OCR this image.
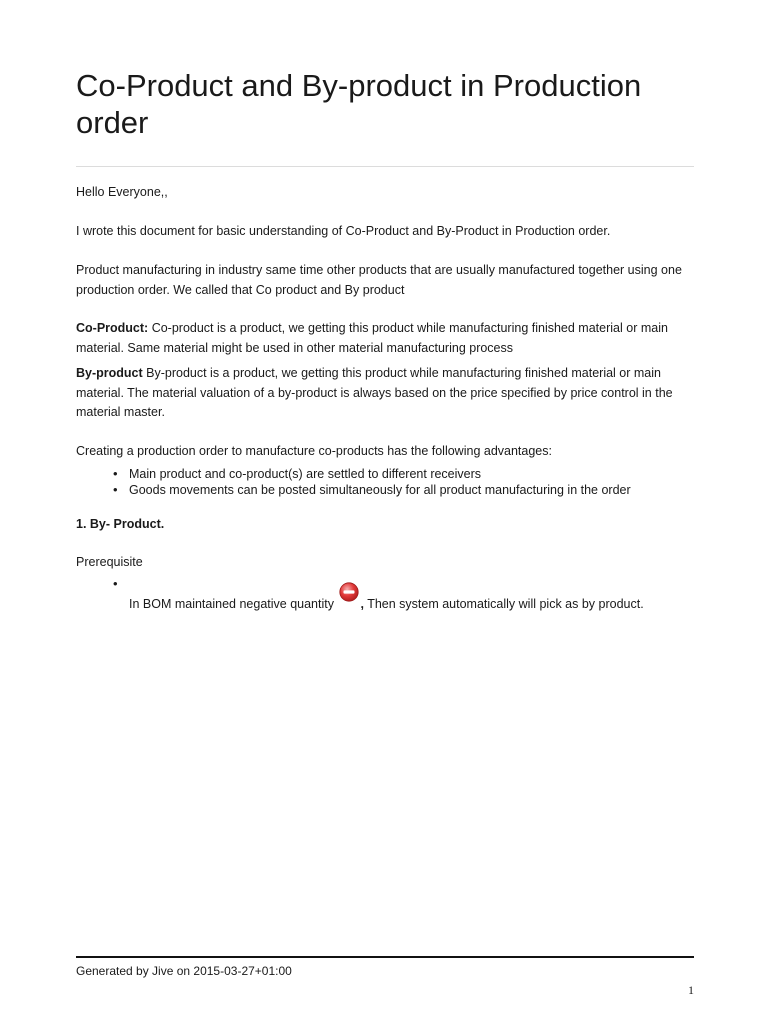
Co-Product and By-product in Production order

Hello Everyone,,

I wrote this document for basic understanding of Co-Product and By-Product in Production order.

Product manufacturing in industry same time other products that are usually manufactured together using one production order. We called that Co product and By product

Co-Product: Co-product is a product, we getting this product while manufacturing finished material or main material. Same material might be used in other material manufacturing process

By-product By-product is a product, we getting this product while manufacturing finished material or main material. The material valuation of a by-product is always based on the price specified by price control in the material master.

Creating a production order to manufacture co-products has the following advantages:

• Main product and co-product(s) are settled to different receivers
• Goods movements can be posted simultaneously for all product manufacturing in the order

1. By- Product.

Prerequisite

•
In BOM maintained negative quantity , Then system automatically will pick as by product.
Generated by Jive on 2015-03-27+01:00
1
